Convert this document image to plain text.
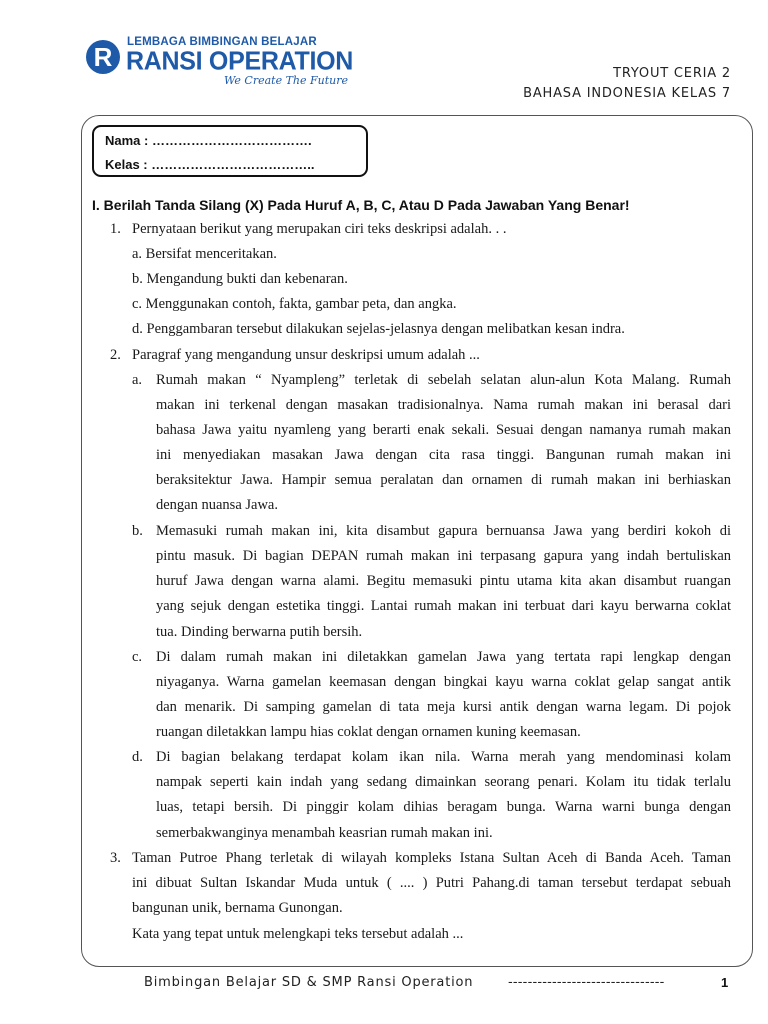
R	LEMBAGA BIMBINGAN BELAJAR
RANSI OPERATION
We Create The Future	TRYOUT CERIA 2
BAHASA INDONESIA KELAS 7
Nama : ……………………………….
Kelas : ………………………………..
I. Berilah Tanda Silang (X) Pada Huruf A, B, C, Atau D Pada Jawaban Yang Benar!
1. Pernyataan berikut yang merupakan ciri teks deskripsi adalah. . .
a. Bersifat menceritakan.
b. Mengandung bukti dan kebenaran.
c. Menggunakan contoh, fakta, gambar peta, dan angka.
d. Penggambaran tersebut dilakukan sejelas-jelasnya dengan melibatkan kesan indra.
2. Paragraf yang mengandung unsur deskripsi umum adalah ...
a. Rumah makan “ Nyampleng” terletak di sebelah selatan alun-alun Kota Malang. Rumah
makan ini terkenal dengan masakan tradisionalnya. Nama rumah makan ini berasal dari
bahasa Jawa yaitu nyamleng yang berarti enak sekali. Sesuai dengan namanya rumah makan
ini menyediakan masakan Jawa dengan cita rasa tinggi. Bangunan rumah makan ini
beraksitektur Jawa. Hampir semua peralatan dan ornamen di rumah makan ini berhiaskan
dengan nuansa Jawa.
b. Memasuki rumah makan ini, kita disambut gapura bernuansa Jawa yang berdiri kokoh di
pintu masuk. Di bagian DEPAN rumah makan ini terpasang gapura yang indah bertuliskan
huruf Jawa dengan warna alami. Begitu memasuki pintu utama kita akan disambut ruangan
yang sejuk dengan estetika tinggi. Lantai rumah makan ini terbuat dari kayu berwarna coklat
tua. Dinding berwarna putih bersih.
c. Di dalam rumah makan ini diletakkan gamelan Jawa yang tertata rapi lengkap dengan
niyaganya. Warna gamelan keemasan dengan bingkai kayu warna coklat gelap sangat antik
dan menarik. Di samping gamelan di tata meja kursi antik dengan warna legam. Di pojok
ruangan diletakkan lampu hias coklat dengan ornamen kuning keemasan.
d. Di bagian belakang terdapat kolam ikan nila. Warna merah yang mendominasi kolam
nampak seperti kain indah yang sedang dimainkan seorang penari. Kolam itu tidak terlalu
luas, tetapi bersih. Di pinggir kolam dihias beragam bunga. Warna warni bunga dengan
semerbakwanginya menambah keasrian rumah makan ini.
3. Taman Putroe Phang terletak di wilayah kompleks Istana Sultan Aceh di Banda Aceh. Taman
ini dibuat Sultan Iskandar Muda untuk ( .... ) Putri Pahang.di taman tersebut terdapat sebuah
bangunan unik, bernama Gunongan.
Kata yang tepat untuk melengkapi teks tersebut adalah ...
Bimbingan Belajar SD & SMP Ransi Operation	--------------------------------	1
